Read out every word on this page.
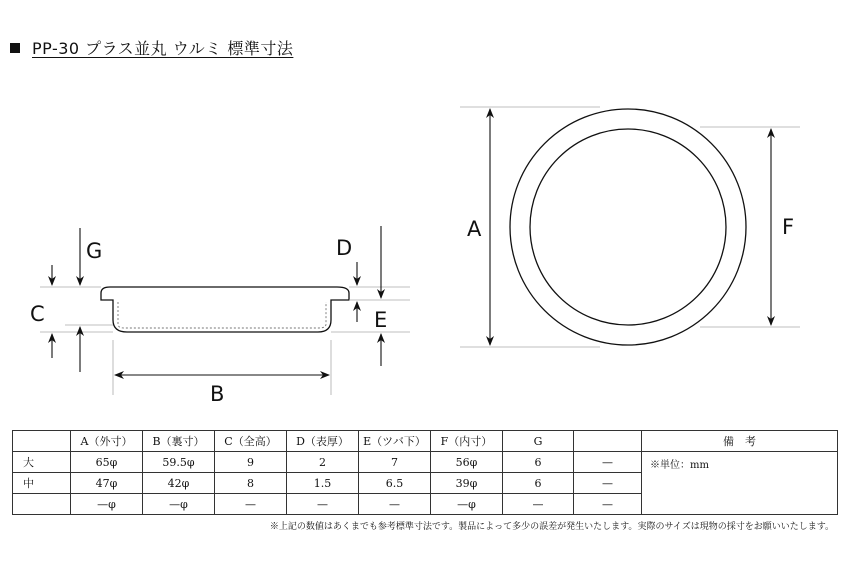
PP-30 プラス並丸 ウルミ 標準寸法
G
C
D
E
B
A	F
	A（外寸）	B（裏寸）	C（全高）	D（表厚）	E（ツバ下）	F（内寸）	G		備　考
大	65φ	59.5φ	9	2	7	56φ	6	—	※単位：mm
中	47φ	42φ	8	1.5	6.5	39φ	6	—	
	—φ	—φ	—	—	—	—φ	—	—	
※上記の数値はあくまでも参考標準寸法です。製品によって多少の誤差が発生いたします。実際のサイズは現物の採寸をお願いいたします。
